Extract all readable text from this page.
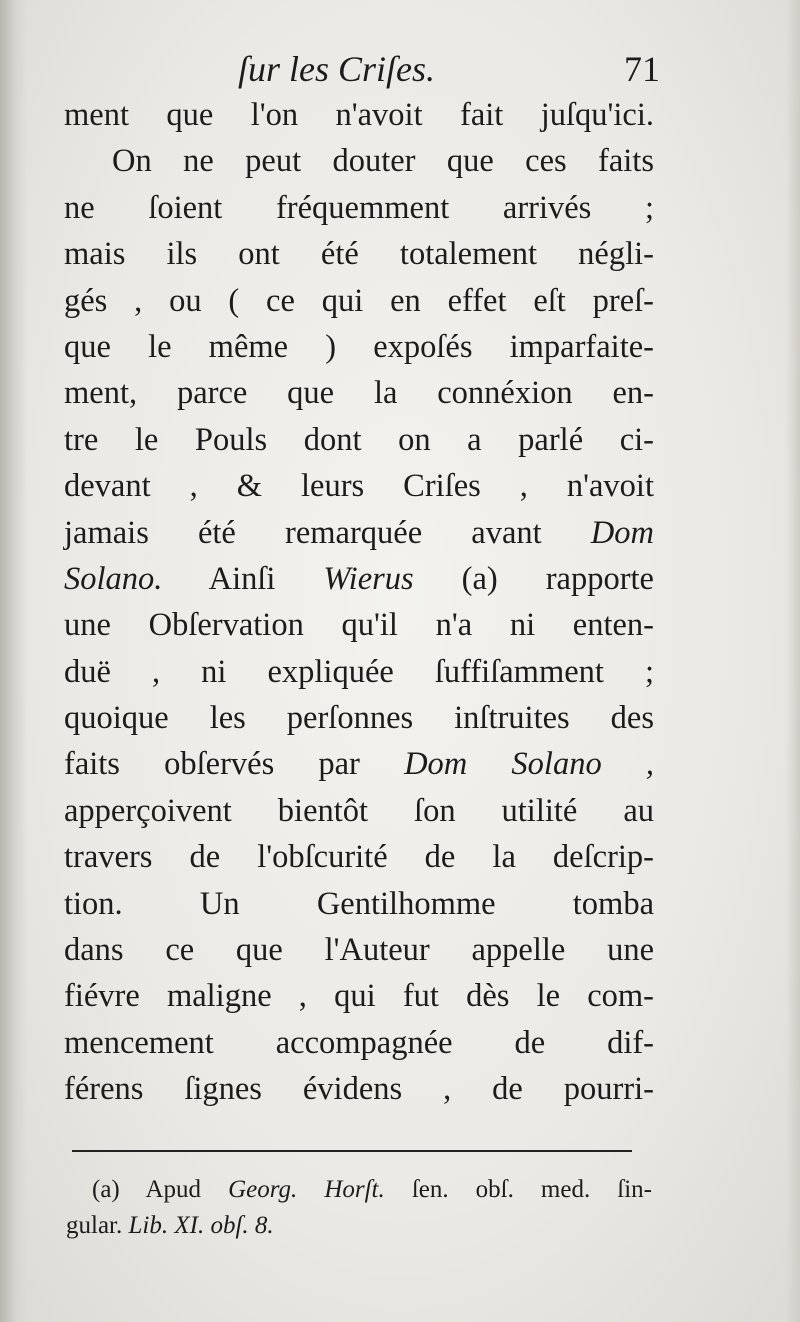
ſur les Criſes.	71
ment que l'on n'avoit fait juſqu'ici.
On ne peut douter que ces faits
ne ſoient fréquemment arrivés ;
mais ils ont été totalement négli-
gés , ou ( ce qui en effet eſt preſ-
que le même ) expoſés imparfaite-
ment, parce que la connéxion en-
tre le Pouls dont on a parlé ci-
devant , & leurs Criſes , n'avoit
jamais été remarquée avant Dom
Solano. Ainſi Wierus (a) rapporte
une Obſervation qu'il n'a ni enten-
duë , ni expliquée ſuffiſamment ;
quoique les perſonnes inſtruites des
faits obſervés par Dom Solano ,
apperçoivent bientôt ſon utilité au
travers de l'obſcurité de la deſcrip-
tion. Un Gentilhomme tomba
dans ce que l'Auteur appelle une
fiévre maligne , qui fut dès le com-
mencement accompagnée de dif-
férens ſignes évidens , de pourri-
(a) Apud Georg. Horſt. ſen. obſ. med. ſin-
gular. Lib. XI. obſ. 8.
